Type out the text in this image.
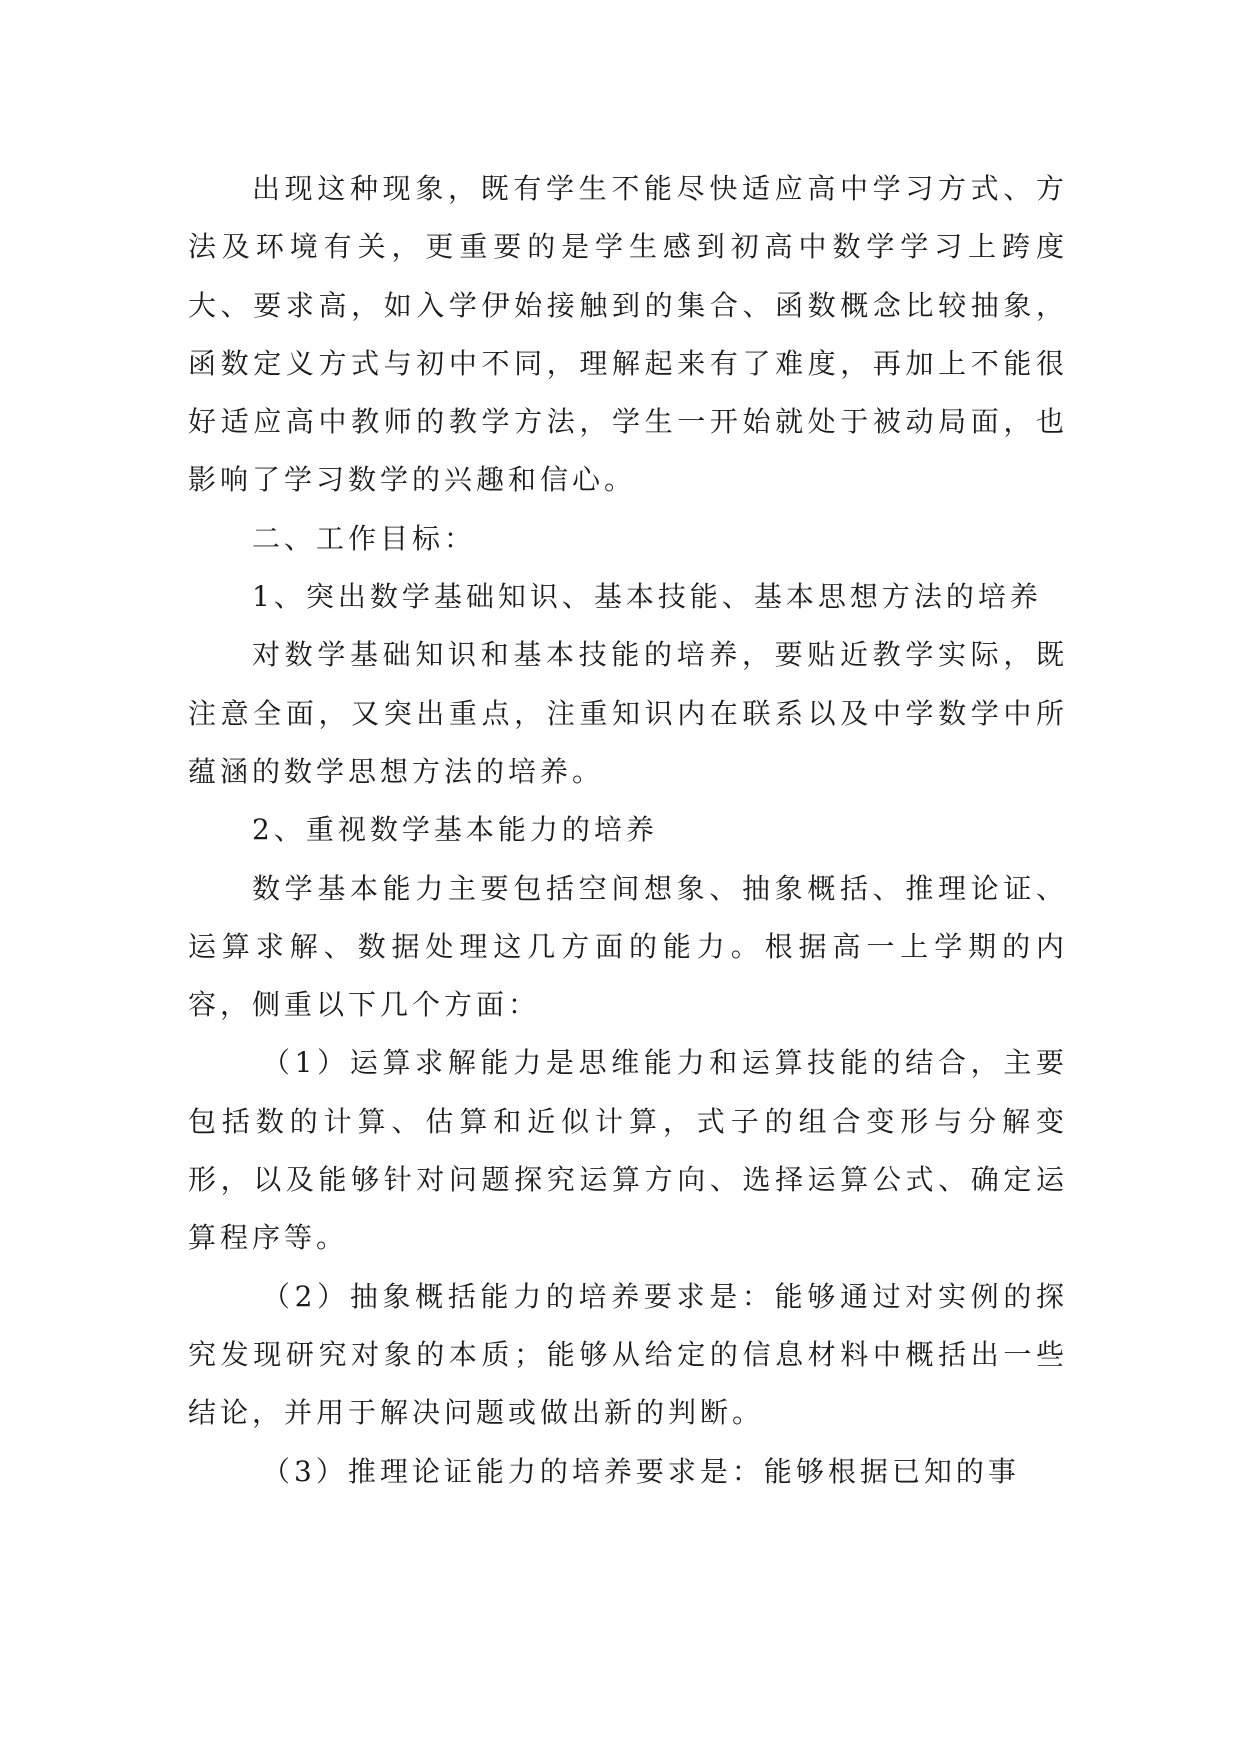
出现这种现象，既有学生不能尽快适应高中学习方式、方法及环境有关，更重要的是学生感到初高中数学学习上跨度大、要求高，如入学伊始接触到的集合、函数概念比较抽象，函数定义方式与初中不同，理解起来有了难度，再加上不能很好适应高中教师的教学方法，学生一开始就处于被动局面，也影响了学习数学的兴趣和信心。

二、工作目标：

1、突出数学基础知识、基本技能、基本思想方法的培养

对数学基础知识和基本技能的培养，要贴近教学实际，既注意全面，又突出重点，注重知识内在联系以及中学数学中所蕴涵的数学思想方法的培养。

2、重视数学基本能力的培养

数学基本能力主要包括空间想象、抽象概括、推理论证、运算求解、数据处理这几方面的能力。根据高一上学期的内容，侧重以下几个方面：

（1）运算求解能力是思维能力和运算技能的结合，主要包括数的计算、估算和近似计算，式子的组合变形与分解变形，以及能够针对问题探究运算方向、选择运算公式、确定运算程序等。

（2）抽象概括能力的培养要求是：能够通过对实例的探究发现研究对象的本质；能够从给定的信息材料中概括出一些结论，并用于解决问题或做出新的判断。

（3）推理论证能力的培养要求是：能够根据已知的事
